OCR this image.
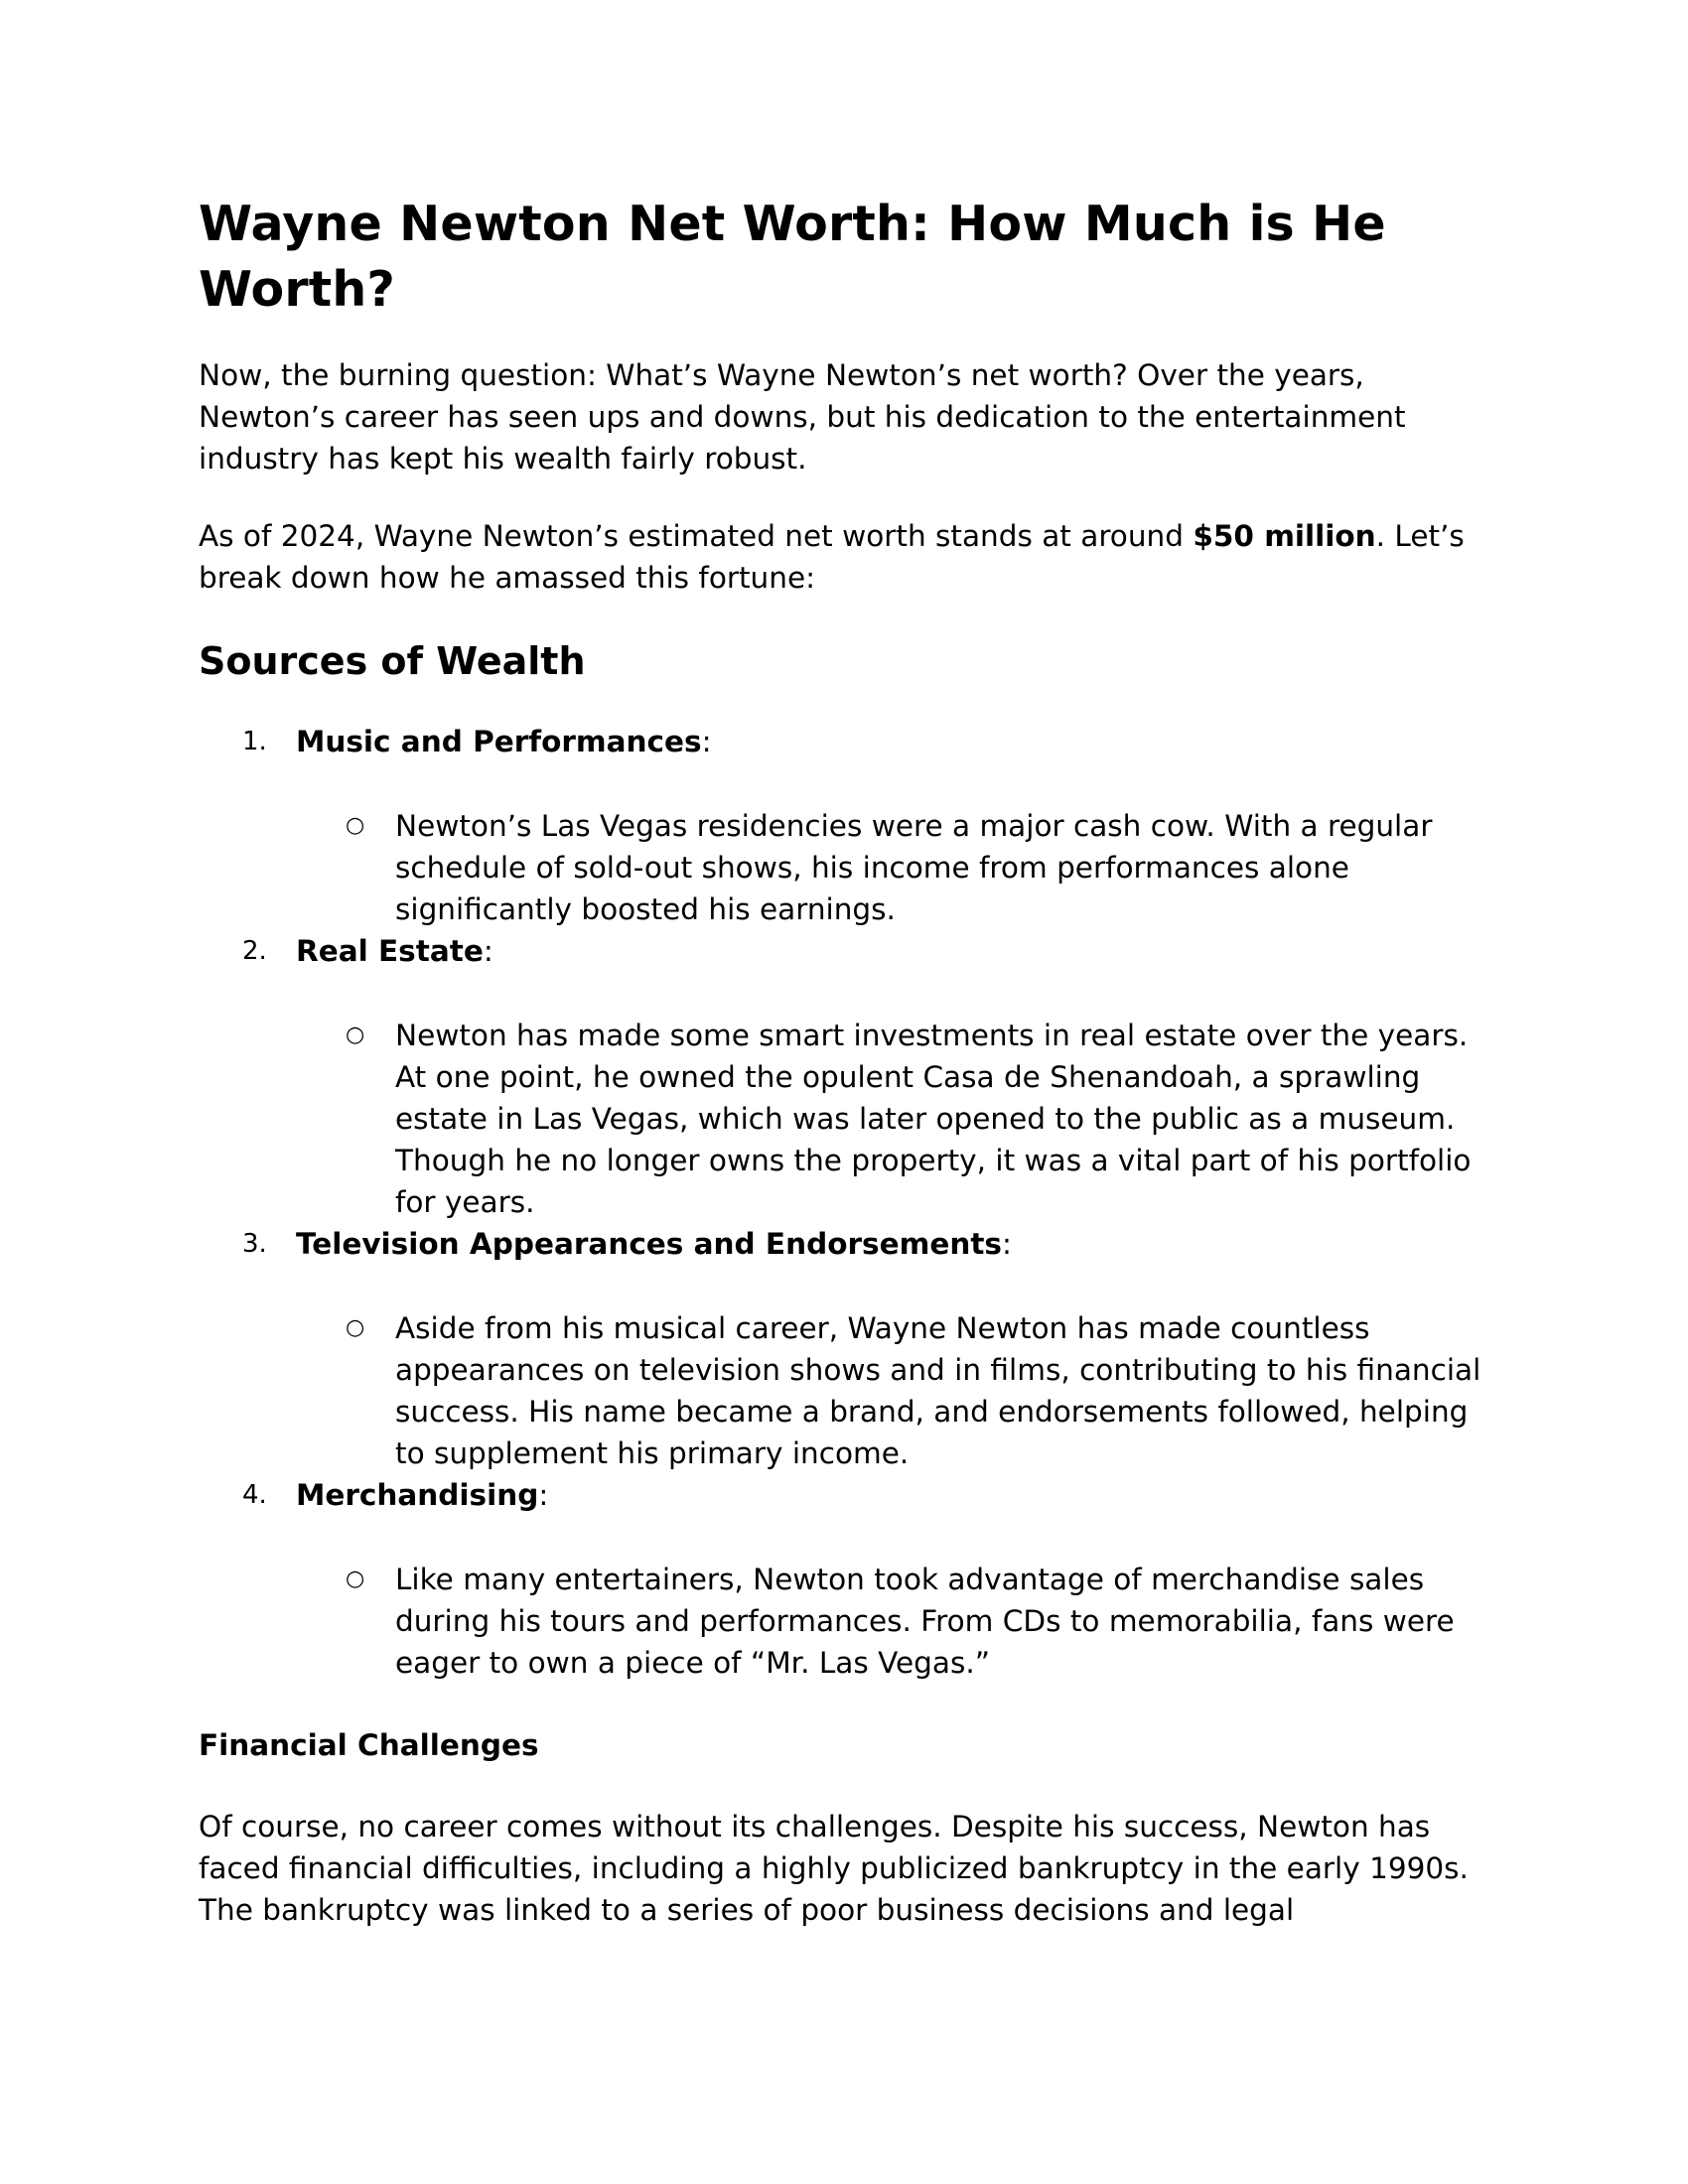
Wayne Newton Net Worth: How Much is He Worth?

Now, the burning question: What’s Wayne Newton’s net worth? Over the years, Newton’s career has seen ups and downs, but his dedication to the entertainment industry has kept his wealth fairly robust.

As of 2024, Wayne Newton’s estimated net worth stands at around $50 million. Let’s break down how he amassed this fortune:

Sources of Wealth
1. Music and Performances:
○ Newton’s Las Vegas residencies were a major cash cow. With a regular schedule of sold-out shows, his income from performances alone significantly boosted his earnings.
2. Real Estate:
○ Newton has made some smart investments in real estate over the years. At one point, he owned the opulent Casa de Shenandoah, a sprawling estate in Las Vegas, which was later opened to the public as a museum. Though he no longer owns the property, it was a vital part of his portfolio for years.
3. Television Appearances and Endorsements:
○ Aside from his musical career, Wayne Newton has made countless appearances on television shows and in films, contributing to his financial success. His name became a brand, and endorsements followed, helping to supplement his primary income.
4. Merchandising:
○ Like many entertainers, Newton took advantage of merchandise sales during his tours and performances. From CDs to memorabilia, fans were eager to own a piece of “Mr. Las Vegas.”
Financial Challenges

Of course, no career comes without its challenges. Despite his success, Newton has faced financial difficulties, including a highly publicized bankruptcy in the early 1990s. The bankruptcy was linked to a series of poor business decisions and legal
